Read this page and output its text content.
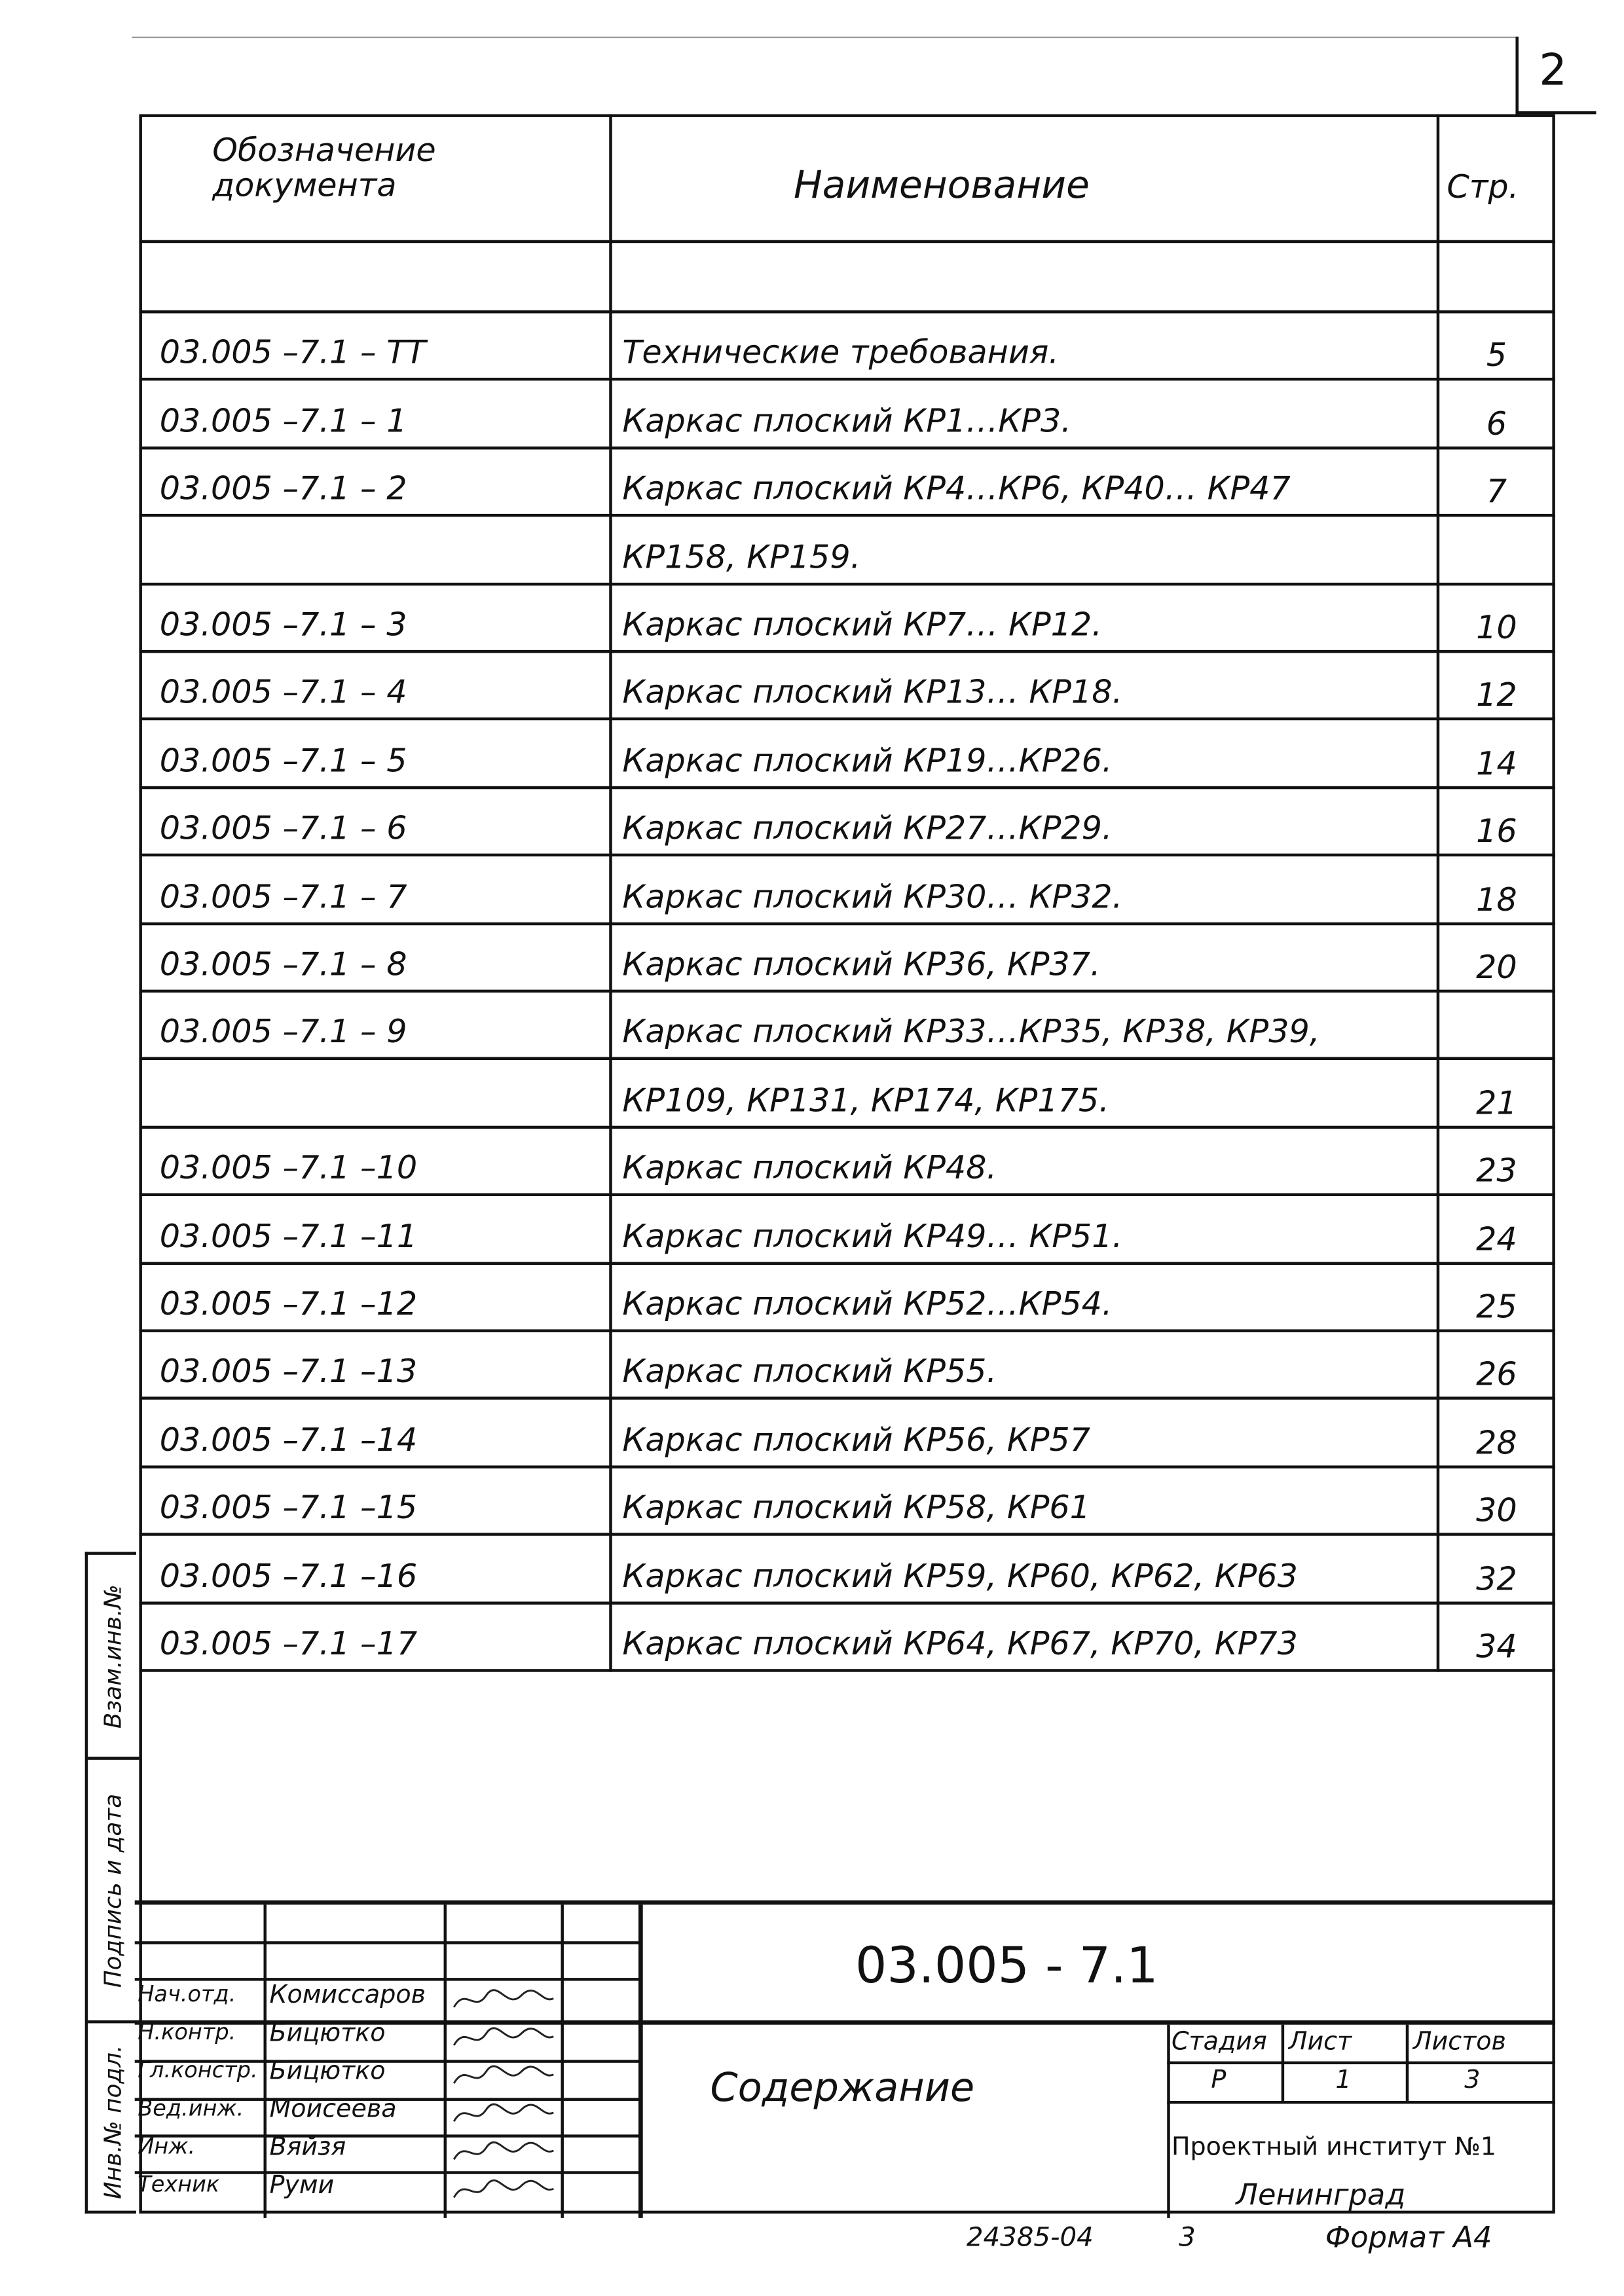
2
Обозначение документа	Наименование	Стр.
03.005 –7.1 – ТТ	Технические требования.	5
03.005 –7.1 – 1	Каркас плоский КР1…КР3.	6
03.005 –7.1 – 2	Каркас плоский КР4…КР6, КР40… КР47	7
КР158, КР159.
03.005 –7.1 – 3	Каркас плоский КР7… КР12.	10
03.005 –7.1 – 4	Каркас плоский КР13… КР18.	12
03.005 –7.1 – 5	Каркас плоский КР19…КР26.	14
03.005 –7.1 – 6	Каркас плоский КР27…КР29.	16
03.005 –7.1 – 7	Каркас плоский КР30… КР32.	18
03.005 –7.1 – 8	Каркас плоский КР36, КР37.	20
03.005 –7.1 – 9	Каркас плоский КР33…КР35, КР38, КР39,
КР109, КР131, КР174, КР175.	21
03.005 –7.1 –10	Каркас плоский КР48.	23
03.005 –7.1 –11	Каркас плоский КР49… КР51.	24
03.005 –7.1 –12	Каркас плоский КР52…КР54.	25
03.005 –7.1 –13	Каркас плоский КР55.	26
03.005 –7.1 –14	Каркас плоский КР56, КР57	28
03.005 –7.1 –15	Каркас плоский КР58, КР61	30
03.005 –7.1 –16	Каркас плоский КР59, КР60, КР62, КР63	32
03.005 –7.1 –17	Каркас плоский КР64, КР67, КР70, КР73	34
Взам.инв.№
Подпись и дата
Инв.№ подл.
Нач.отд.	Комиссаров
Н.контр.	Бицютко
Гл.констр. Бицютко
Вед.инж. Моисеева
Инж.	Вяйзя
Техник	Руми
03.005 - 7.1
Содержание
Стадия Лист	Листов
Р	1	3
Проектный институт №1
Ленинград
24385-04	3	Формат А4
